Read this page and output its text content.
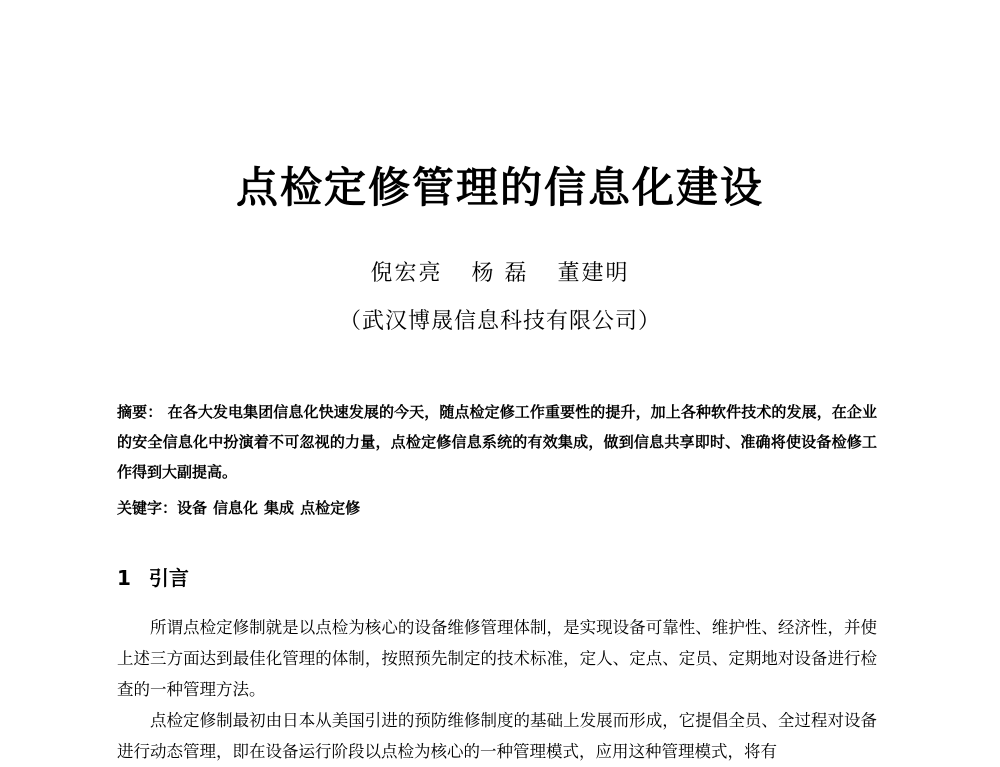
点检定修管理的信息化建设
倪宏亮 杨 磊 董建明
（武汉博晟信息科技有限公司）

摘要： 在各大发电集团信息化快速发展的今天，随点检定修工作重要性的提升，加上各种软件技术的发展，在企业的安全信息化中扮演着不可忽视的力量，点检定修信息系统的有效集成，做到信息共享即时、准确将使设备检修工作得到大副提高。

关键字：设备 信息化 集成 点检定修

1 引言

所谓点检定修制就是以点检为核心的设备维修管理体制，是实现设备可靠性、维护性、经济性，并使上述三方面达到最佳化管理的体制，按照预先制定的技术标准，定人、定点、定员、定期地对设备进行检查的一种管理方法。

点检定修制最初由日本从美国引进的预防维修制度的基础上发展而形成，它提倡全员、全过程对设备进行动态管理，即在设备运行阶段以点检为核心的一种管理模式，应用这种管理模式，将有
